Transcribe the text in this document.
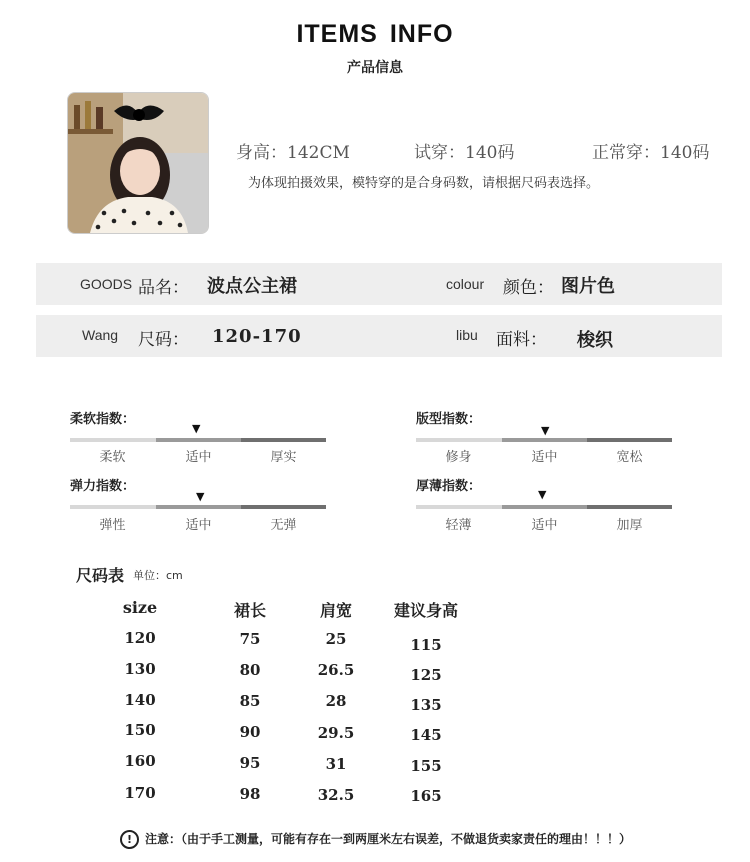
ITEMS INFO
产品信息
身高：142CM	试穿：140码	正常穿：140码
为体现拍摄效果，模特穿的是合身码数，请根据尺码表选择。
GOODS 品名： 波点公主裙	colour 颜色： 图片色
Wang 尺码： 120-170	libu 面料： 梭织
柔软指数：
▼
柔软	适中	厚实
版型指数：
▼
修身	适中	宽松
弹力指数：
▼
弹性	适中	无弹
厚薄指数：
▼
轻薄	适中	加厚
尺码表 单位：cm
size	裙长	肩宽	建议身高
120	75	25	115
130	80	26.5	125
140	85	28	135
150	90	29.5	145
160	95	31	155
170	98	32.5	165
! 注意：（由于手工测量，可能有存在一到两厘米左右误差，不做退货卖家责任的理由！！！）
